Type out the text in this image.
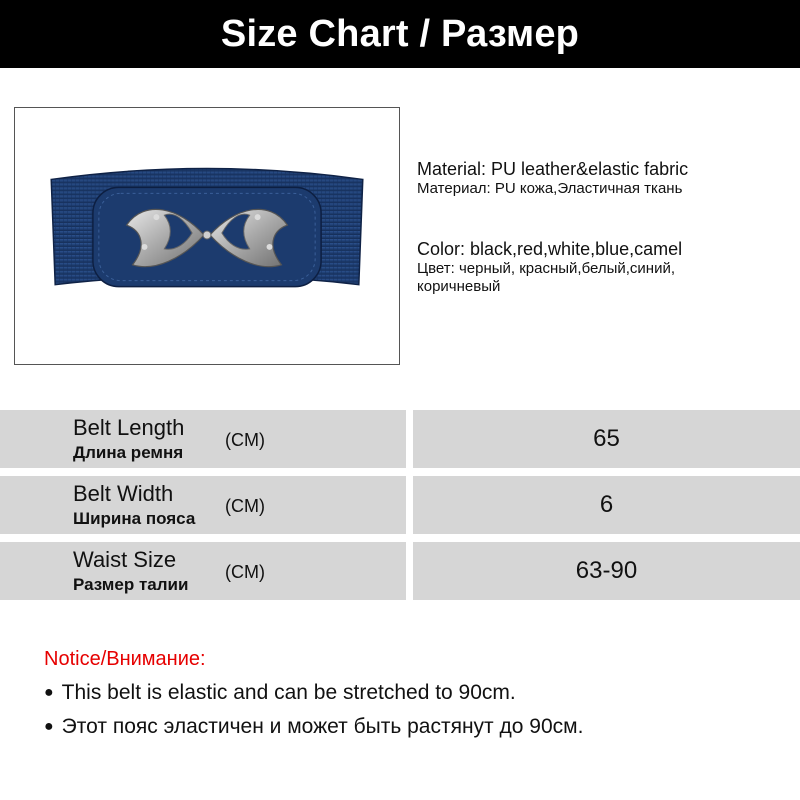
Size Chart / Размер
Material: PU leather&elastic fabric
Материал: PU кожа,Эластичная ткань
Color: black,red,white,blue,camel
Цвет: черный, красный,белый,синий,
коричневый
Belt Length
Длина ремня
(CM)	65
Belt Width
Ширина пояса
(CM)	6
Waist Size
Размер талии
(CM)	63-90
Notice/Внимание:
● This belt is elastic and can be stretched to 90cm.
● Этот пояс эластичен и может быть растянут до 90см.
